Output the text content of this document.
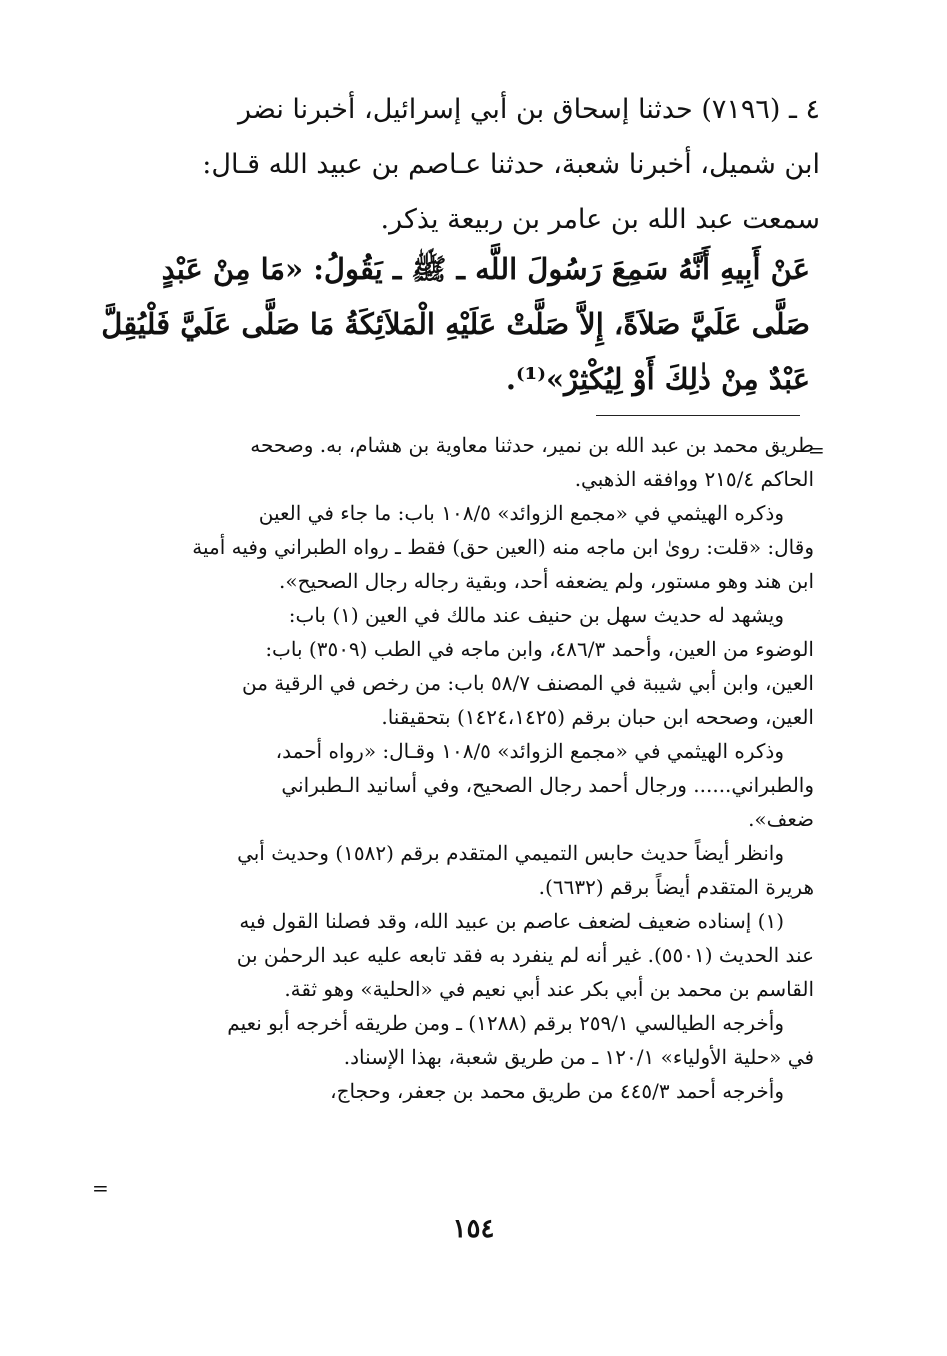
٤ ـ (٧١٩٦) حدثنا إسحاق بن أبي إسرائيل، أخبرنا نضر
ابن شميل، أخبرنا شعبة، حدثنا عـاصم بن عبيد الله قـال:
سمعت عبد الله بن عامر بن ربيعة يذكر.
عَنْ أَبِيهِ أَنَّهُ سَمِعَ رَسُولَ اللَّه ـ ﷺ ـ يَقُولُ: «مَا مِنْ عَبْدٍ
صَلَّى عَلَيَّ صَلاَةً، إِلاَّ صَلَّتْ عَلَيْهِ الْمَلاَئِكَةُ مَا صَلَّى عَلَيَّ فَلْيُقِلَّ
عَبْدٌ مِنْ ذٰلِكَ أَوْ لِيُكْثِرْ»⁽¹⁾.
=
طريق محمد بن عبد الله بن نمير، حدثنا معاوية بن هشام، به. وصححه
الحاكم ٢١٥/٤ ووافقه الذهبي.
وذكره الهيثمي في «مجمع الزوائد» ١٠٨/٥ باب: ما جاء في العين
وقال: «قلت: روىٰ ابن ماجه منه (العين حق) فقط ـ رواه الطبراني وفيه أمية
ابن هند وهو مستور، ولم يضعفه أحد، وبقية رجاله رجال الصحيح».
ويشهد له حديث سهل بن حنيف عند مالك في العين (١) باب:
الوضوء من العين، وأحمد ٤٨٦/٣، وابن ماجه في الطب (٣٥٠٩) باب:
العين، وابن أبي شيبة في المصنف ٥٨/٧ باب: من رخص في الرقية من
العين، وصححه ابن حبان برقم (١٤٢٤،١٤٢٥) بتحقيقنا.
وذكره الهيثمي في «مجمع الزوائد» ١٠٨/٥ وقـال: «رواه أحمد،
والطبراني...... ورجال أحمد رجال الصحيح، وفي أسانيد الـطبراني
ضعف».
وانظر أيضاً حديث حابس التميمي المتقدم برقم (١٥٨٢) وحديث أبي
هريرة المتقدم أيضاً برقم (٦٦٣٢).
(١) إسناده ضعيف لضعف عاصم بن عبيد الله، وقد فصلنا القول فيه
عند الحديث (٥٥٠١). غير أنه لم ينفرد به فقد تابعه عليه عبد الرحمٰن بن
القاسم بن محمد بن أبي بكر عند أبي نعيم في «الحلية» وهو ثقة.
وأخرجه الطيالسي ٢٥٩/١ برقم (١٢٨٨) ـ ومن طريقه أخرجه أبو نعيم
في «حلية الأولياء» ١٢٠/١ ـ من طريق شعبة، بهذا الإسناد.
وأخرجه أحمد ٤٤٥/٣ من طريق محمد بن جعفر، وحجاج،
=
١٥٤
